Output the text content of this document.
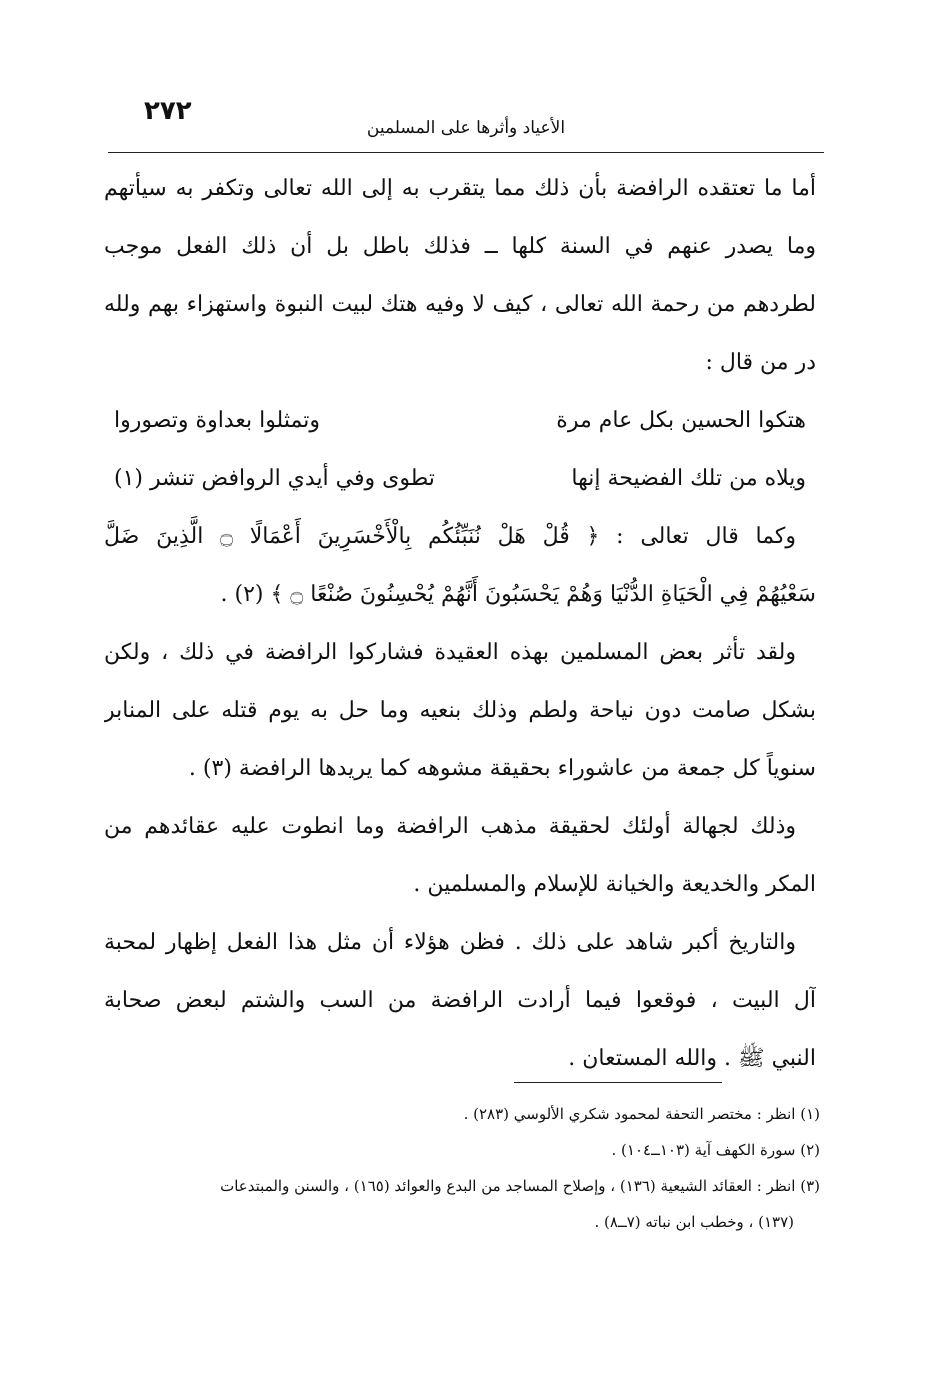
٢٧٢
الأعياد وأثرها على المسلمين
أما ما تعتقده الرافضة بأن ذلك مما يتقرب به إلى الله تعالى وتكفر به سيأتهم
وما يصدر عنهم في السنة كلها ــ فذلك باطل بل أن ذلك الفعل موجب
لطردهم من رحمة الله تعالى ، كيف لا وفيه هتك لبيت النبوة واستهزاء بهم ولله
در من قال :
هتكوا الحسين بكل عام مرة
وتمثلوا بعداوة وتصوروا
ويلاه من تلك الفضيحة إنها
تطوى وفي أيدي الروافض تنشر (١)
وكما قال تعالى : ﴿ قُلْ هَلْ نُنَبِّئُكُم بِالْأَخْسَرِينَ أَعْمَالًا ۝ الَّذِينَ ضَلَّ
سَعْيُهُمْ فِي الْحَيَاةِ الدُّنْيَا وَهُمْ يَحْسَبُونَ أَنَّهُمْ يُحْسِنُونَ صُنْعًا ۝ ﴾ (٢) .
ولقد تأثر بعض المسلمين بهذه العقيدة فشاركوا الرافضة في ذلك ، ولكن
بشكل صامت دون نياحة ولطم وذلك بنعيه وما حل به يوم قتله على المنابر
سنوياً كل جمعة من عاشوراء بحقيقة مشوهه كما يريدها الرافضة (٣) .
وذلك لجهالة أولئك لحقيقة مذهب الرافضة وما انطوت عليه عقائدهم من
المكر والخديعة والخيانة للإسلام والمسلمين .
والتاريخ أكبر شاهد على ذلك . فظن هؤلاء أن مثل هذا الفعل إظهار لمحبة
آل البيت ، فوقعوا فيما أرادت الرافضة من السب والشتم لبعض صحابة
النبي ﷺ . والله المستعان .
(١) انظر : مختصر التحفة لمحمود شكري الألوسي (٢٨٣) .
(٢) سورة الكهف آية (١٠٣ــ١٠٤) .
(٣) انظر : العقائد الشيعية (١٣٦) ، وإصلاح المساجد من البدع والعوائد (١٦٥) ، والسنن والمبتدعات
(١٣٧) ، وخطب ابن نباته (٧ــ٨) .
